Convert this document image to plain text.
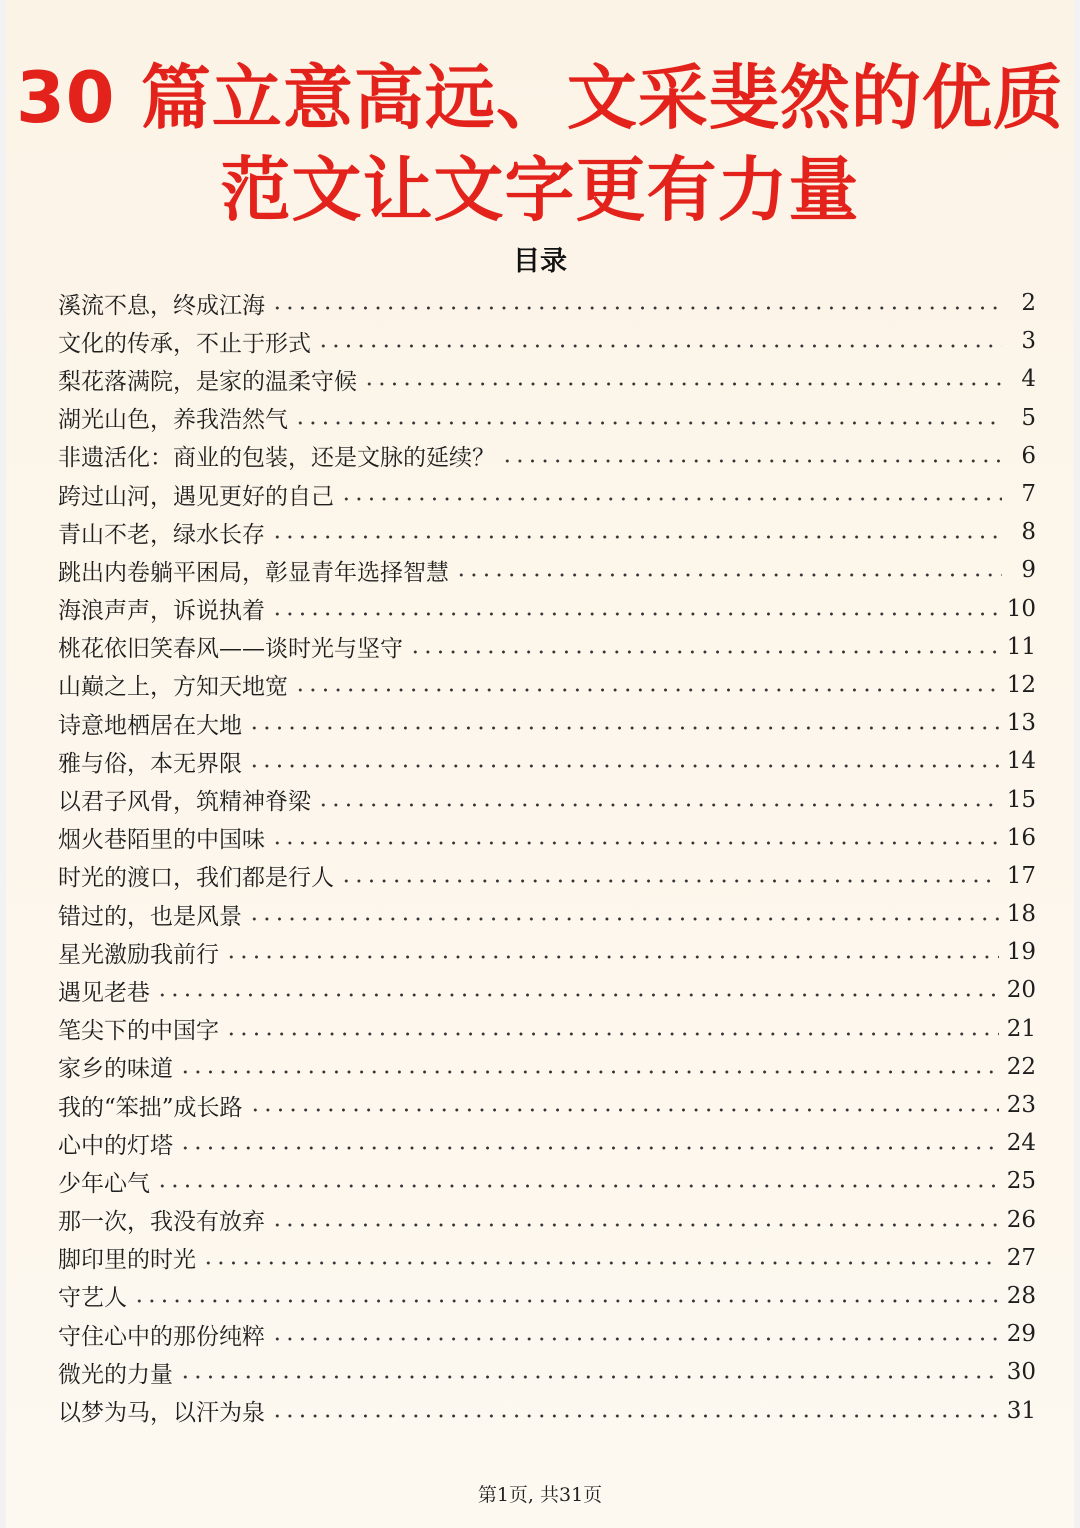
30 篇立意高远、文采斐然的优质
范文让文字更有力量
目录
溪流不息，终成江海	2
文化的传承，不止于形式	3
梨花落满院，是家的温柔守候	4
湖光山色，养我浩然气	5
非遗活化：商业的包装，还是文脉的延续？	6
跨过山河，遇见更好的自己	7
青山不老，绿水长存	8
跳出内卷躺平困局，彰显青年选择智慧	9
海浪声声，诉说执着	10
桃花依旧笑春风——谈时光与坚守	11
山巅之上，方知天地宽	12
诗意地栖居在大地	13
雅与俗，本无界限	14
以君子风骨，筑精神脊梁	15
烟火巷陌里的中国味	16
时光的渡口，我们都是行人	17
错过的，也是风景	18
星光激励我前行	19
遇见老巷	20
笔尖下的中国字	21
家乡的味道	22
我的“笨拙”成长路	23
心中的灯塔	24
少年心气	25
那一次，我没有放弃	26
脚印里的时光	27
守艺人	28
守住心中的那份纯粹	29
微光的力量	30
以梦为马，以汗为泉	31
第1页, 共31页
